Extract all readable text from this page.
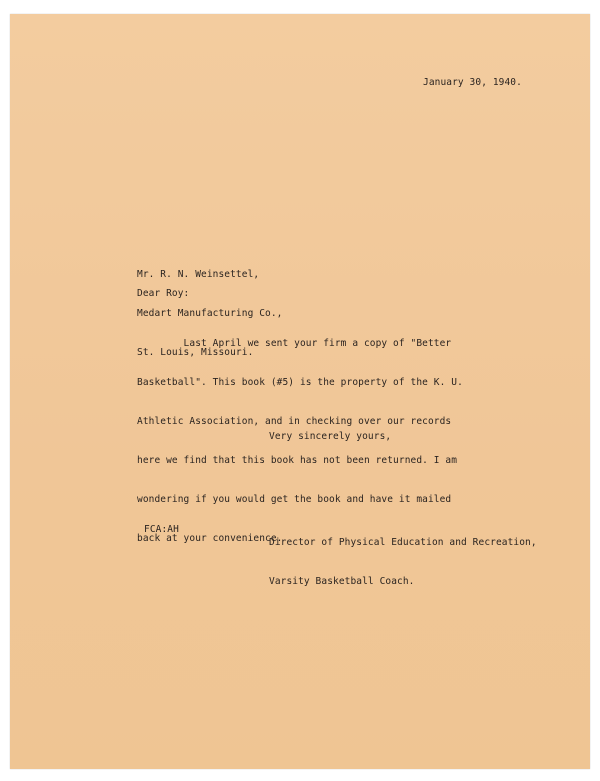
January 30, 1940.

Mr. R. N. Weinsettel,

Medart Manufacturing Co.,

St. Louis, Missouri.

Dear Roy:

Last April we sent your firm a copy of "Better

Basketball". This book (#5) is the property of the K. U.

Athletic Association, and in checking over our records

here we find that this book has not been returned. I am

wondering if you would get the book and have it mailed

back at your convenience.

Very sincerely yours,

Director of Physical Education and Recreation,

Varsity Basketball Coach.

FCA:AH
